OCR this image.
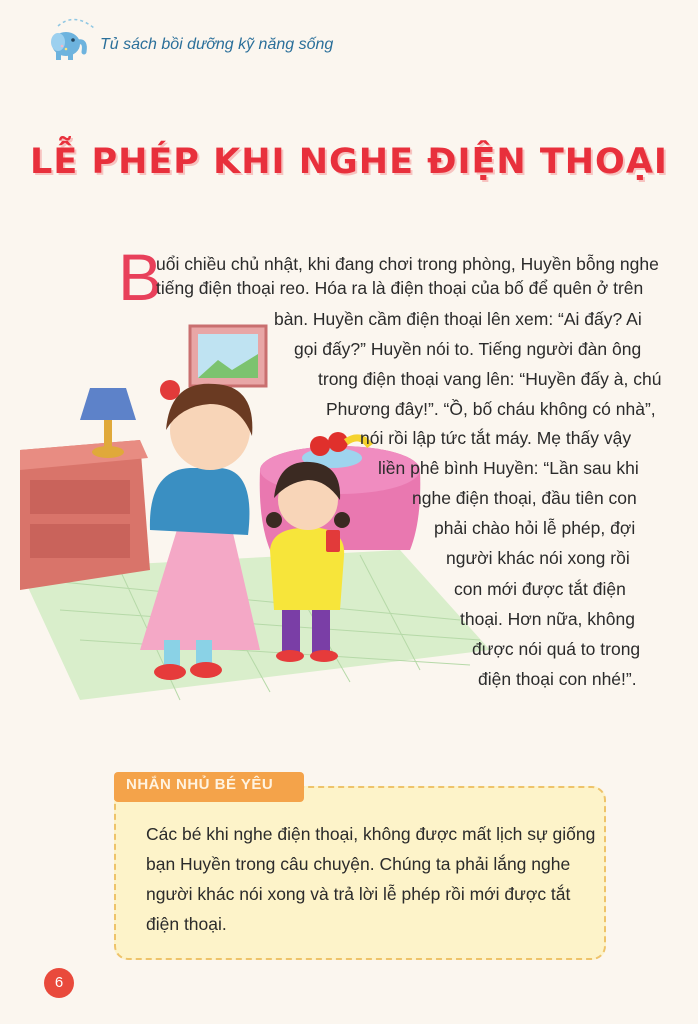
Tủ sách bồi dưỡng kỹ năng sống
LỄ PHÉP KHI NGHE ĐIỆN THOẠI
B
uổi chiều chủ nhật, khi đang chơi trong phòng, Huyền bỗng nghe
tiếng điện thoại reo. Hóa ra là điện thoại của bố để quên ở trên
bàn. Huyền cầm điện thoại lên xem: “Ai đấy? Ai
gọi đấy?” Huyền nói to. Tiếng người đàn ông
trong điện thoại vang lên: “Huyền đấy à, chú
Phương đây!”. “Ồ, bố cháu không có nhà”,
nói rồi lập tức tắt máy. Mẹ thấy vậy
liền phê bình Huyền: “Lần sau khi
nghe điện thoại, đầu tiên con
phải chào hỏi lễ phép, đợi
người khác nói xong rồi
con mới được tắt điện
thoại. Hơn nữa, không
được nói quá to trong
điện thoại con nhé!”.
NHẮN NHỦ BÉ YÊU
Các bé khi nghe điện thoại, không được mất lịch sự giống
bạn Huyền trong câu chuyện. Chúng ta phải lắng nghe
người khác nói xong và trả lời lễ phép rồi mới được tắt
điện thoại.
6
